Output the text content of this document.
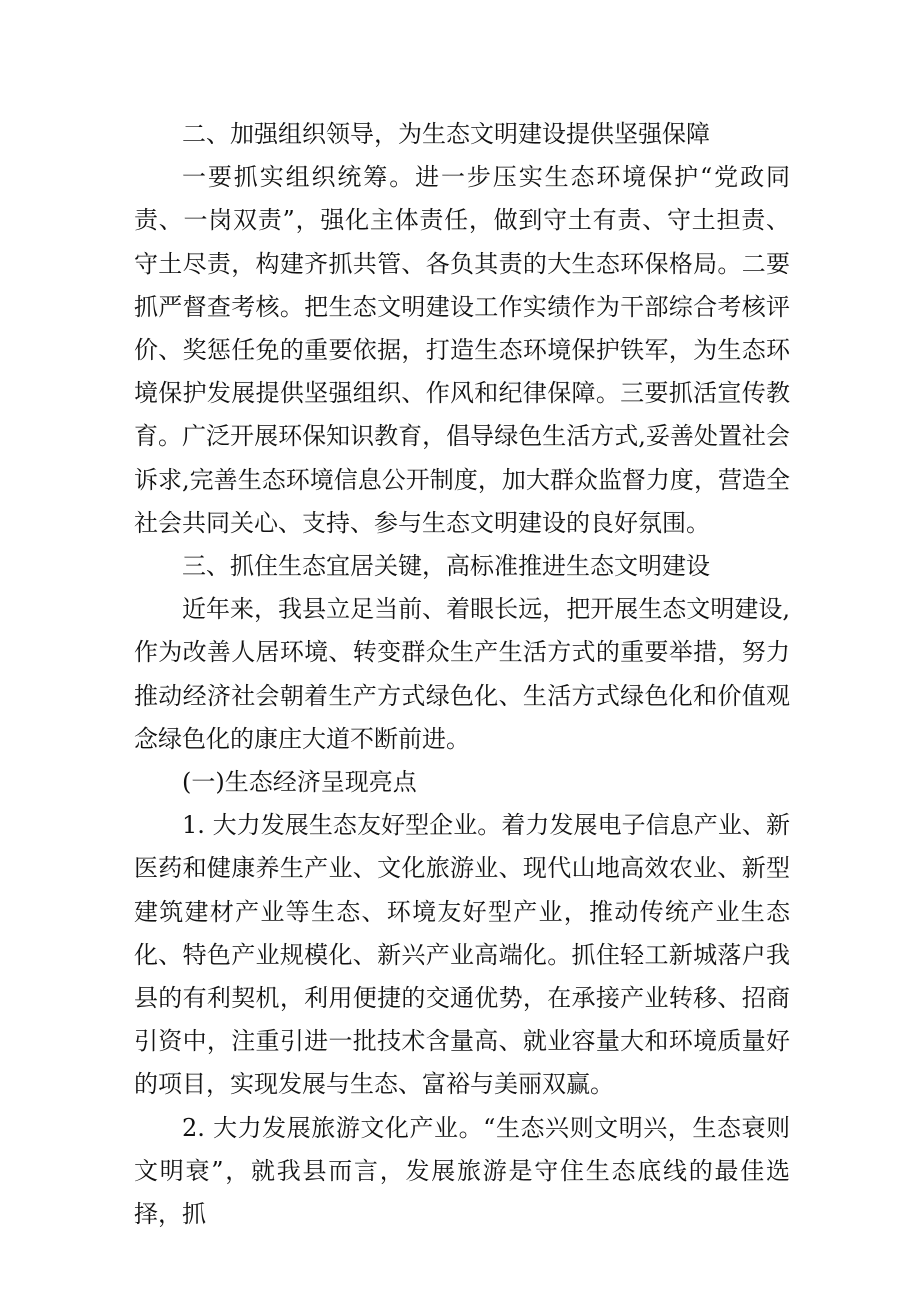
二、加强组织领导，为生态文明建设提供坚强保障

一要抓实组织统筹。进一步压实生态环境保护“党政同责、一岗双责”，强化主体责任，做到守土有责、守土担责、守土尽责，构建齐抓共管、各负其责的大生态环保格局。二要抓严督查考核。把生态文明建设工作实绩作为干部综合考核评价、奖惩任免的重要依据，打造生态环境保护铁军，为生态环境保护发展提供坚强组织、作风和纪律保障。三要抓活宣传教育。广泛开展环保知识教育，倡导绿色生活方式,妥善处置社会诉求,完善生态环境信息公开制度，加大群众监督力度，营造全社会共同关心、支持、参与生态文明建设的良好氛围。

三、抓住生态宜居关键，高标准推进生态文明建设

近年来，我县立足当前、着眼长远，把开展生态文明建设,作为改善人居环境、转变群众生产生活方式的重要举措，努力推动经济社会朝着生产方式绿色化、生活方式绿色化和价值观念绿色化的康庄大道不断前进。

(一)生态经济呈现亮点

1. 大力发展生态友好型企业。着力发展电子信息产业、新医药和健康养生产业、文化旅游业、现代山地高效农业、新型建筑建材产业等生态、环境友好型产业，推动传统产业生态化、特色产业规模化、新兴产业高端化。抓住轻工新城落户我县的有利契机，利用便捷的交通优势，在承接产业转移、招商引资中，注重引进一批技术含量高、就业容量大和环境质量好的项目，实现发展与生态、富裕与美丽双赢。

2. 大力发展旅游文化产业。“生态兴则文明兴，生态衰则文明衰”，就我县而言，发展旅游是守住生态底线的最佳选择，抓
